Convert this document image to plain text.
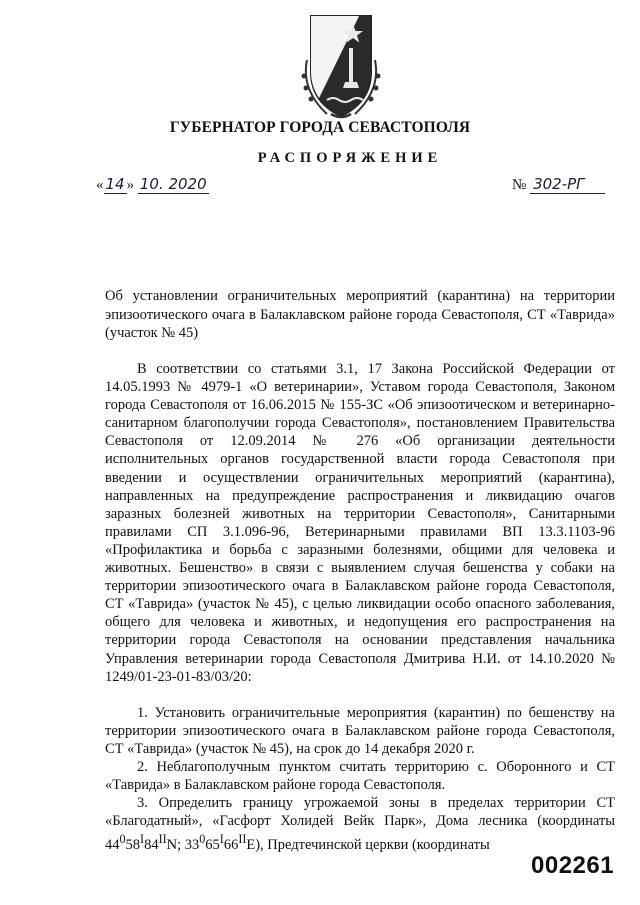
ГУБЕРНАТОР ГОРОДА СЕВАСТОПОЛЯ
РАСПОРЯЖЕНИЕ
« 14 » 10. 2020	№ 302-РГ
Об установлении ограничительных мероприятий (карантина) на территории эпизоотического очага в Балаклавском районе города Севастополя, СТ «Таврида» (участок № 45)

В соответствии со статьями 3.1, 17 Закона Российской Федерации от 14.05.1993 № 4979-1 «О ветеринарии», Уставом города Севастополя, Законом города Севастополя от 16.06.2015 № 155-ЗС «Об эпизоотическом и ветеринарно-санитарном благополучии города Севастополя», постановлением Правительства Севастополя от 12.09.2014 № 276 «Об организации деятельности исполнительных органов государственной власти города Севастополя при введении и осуществлении ограничительных мероприятий (карантина), направленных на предупреждение распространения и ликвидацию очагов заразных болезней животных на территории Севастополя», Санитарными правилами СП 3.1.096-96, Ветеринарными правилами ВП 13.3.1103-96 «Профилактика и борьба с заразными болезнями, общими для человека и животных. Бешенство» в связи с выявлением случая бешенства у собаки на территории эпизоотического очага в Балаклавском районе города Севастополя, СТ «Таврида» (участок № 45), с целью ликвидации особо опасного заболевания, общего для человека и животных, и недопущения его распространения на территории города Севастополя на основании представления начальника Управления ветеринарии города Севастополя Дмитрива Н.И. от 14.10.2020 № 1249/01-23-01-83/03/20:

1. Установить ограничительные мероприятия (карантин) по бешенству на территории эпизоотического очага в Балаклавском районе города Севастополя, СТ «Таврида» (участок № 45), на срок до 14 декабря 2020 г.

2. Неблагополучным пунктом считать территорию с. Оборонного и СТ «Таврида» в Балаклавском районе города Севастополя.

3. Определить границу угрожаемой зоны в пределах территории СТ «Благодатный», «Гасфорт Холидей Вейк Парк», Дома лесника (координаты $44^058^I84^{II}N$; $33^065^I66^{II}E$), Предтечинской церкви (координаты

002261
